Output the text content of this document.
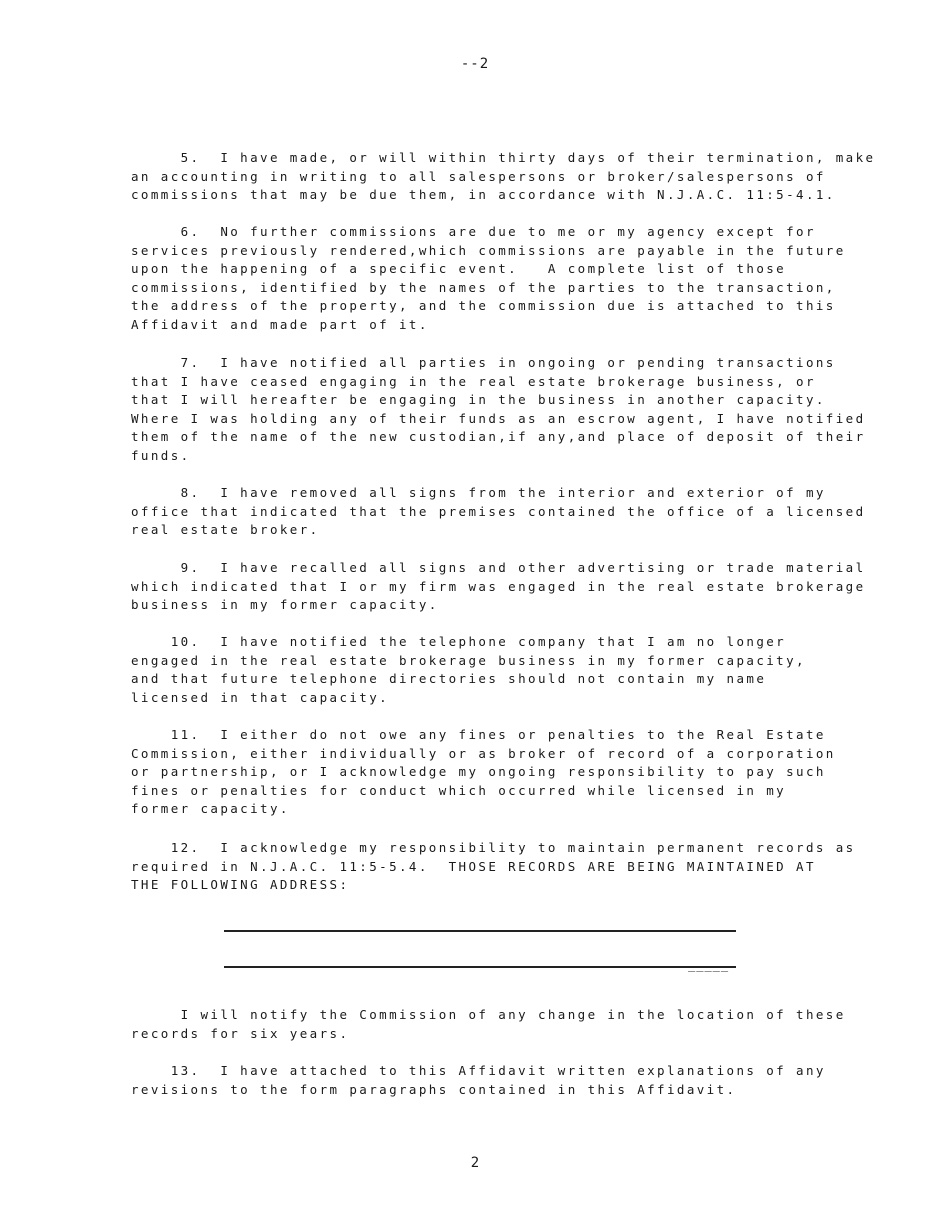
--2
5.  I have made, or will within thirty days of their termination, make
an accounting in writing to all salespersons or broker/salespersons of
commissions that may be due them, in accordance with N.J.A.C. 11:5-4.1.
6.  No further commissions are due to me or my agency except for
services previously rendered,which commissions are payable in the future
upon the happening of a specific event.   A complete list of those
commissions, identified by the names of the parties to the transaction,
the address of the property, and the commission due is attached to this
Affidavit and made part of it.
7.  I have notified all parties in ongoing or pending transactions
that I have ceased engaging in the real estate brokerage business, or
that I will hereafter be engaging in the business in another capacity.
Where I was holding any of their funds as an escrow agent, I have notified
them of the name of the new custodian,if any,and place of deposit of their
funds.
8.  I have removed all signs from the interior and exterior of my
office that indicated that the premises contained the office of a licensed
real estate broker.
9.  I have recalled all signs and other advertising or trade material
which indicated that I or my firm was engaged in the real estate brokerage
business in my former capacity.
10.  I have notified the telephone company that I am no longer
engaged in the real estate brokerage business in my former capacity,
and that future telephone directories should not contain my name
licensed in that capacity.
11.  I either do not owe any fines or penalties to the Real Estate
Commission, either individually or as broker of record of a corporation
or partnership, or I acknowledge my ongoing responsibility to pay such
fines or penalties for conduct which occurred while licensed in my
former capacity.
12.  I acknowledge my responsibility to maintain permanent records as
required in N.J.A.C. 11:5-5.4.  THOSE RECORDS ARE BEING MAINTAINED AT
THE FOLLOWING ADDRESS:
_____
I will notify the Commission of any change in the location of these
records for six years.
13.  I have attached to this Affidavit written explanations of any
revisions to the form paragraphs contained in this Affidavit.
2
